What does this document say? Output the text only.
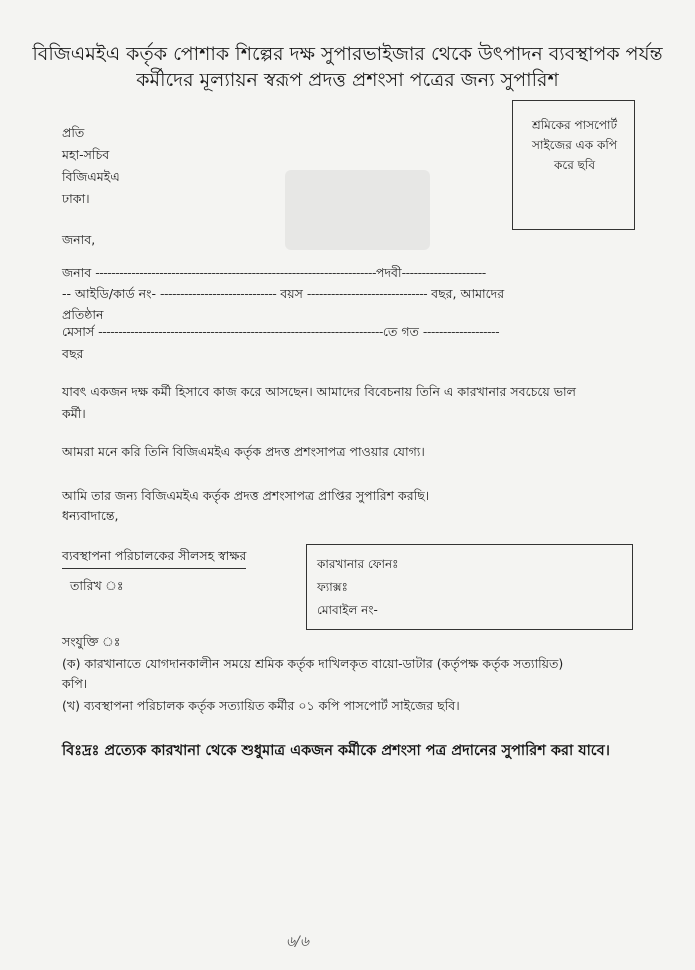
বিজিএমইএ কর্তৃক পোশাক শিল্পের দক্ষ সুপারভাইজার থেকে উৎপাদন ব্যবস্থাপক পর্যন্ত
কর্মীদের মূল্যায়ন স্বরূপ প্রদত্ত প্রশংসা পত্রের জন্য সুপারিশ
প্রতি
মহা-সচিব
বিজিএমইএ
ঢাকা।
শ্রমিকের পাসপোর্ট
সাইজের এক কপি
করে ছবি
জনাব,
জনাব ----------------------------------------------------------------------পদবী---------------------
-- আইডি/কার্ড নং- ----------------------------- বয়স ------------------------------ বছর, আমাদের
প্রতিষ্ঠান
মেসার্স -----------------------------------------------------------------------তে গত -------------------
বছর
যাবৎ একজন দক্ষ কর্মী হিসাবে কাজ করে আসছেন। আমাদের বিবেচনায় তিনি এ কারখানার সবচেয়ে ভাল
কর্মী।
আমরা মনে করি তিনি বিজিএমইএ কর্তৃক প্রদত্ত প্রশংসাপত্র পাওয়ার যোগ্য।
আমি তার জন্য বিজিএমইএ কর্তৃক প্রদত্ত প্রশংসাপত্র প্রাপ্তির সুপারিশ করছি।
ধন্যবাদান্তে,
ব্যবস্থাপনা পরিচালকের সীলসহ স্বাক্ষর
তারিখ ঃ
কারখানার ফোনঃ
ফ্যাক্সঃ
মোবাইল নং-
সংযুক্তি ঃ
(ক) কারখানাতে যোগদানকালীন সময়ে শ্রমিক কর্তৃক দাখিলকৃত বায়ো-ডাটার (কর্তৃপক্ষ কর্তৃক সত্যায়িত)
কপি।
(খ) ব্যবস্থাপনা পরিচালক কর্তৃক সত্যায়িত কর্মীর ০১ কপি পাসপোর্ট সাইজের ছবি।
বিঃদ্রঃ প্রত্যেক কারখানা থেকে শুধুমাত্র একজন কর্মীকে প্রশংসা পত্র প্রদানের সুপারিশ করা যাবে।
৬/৬
